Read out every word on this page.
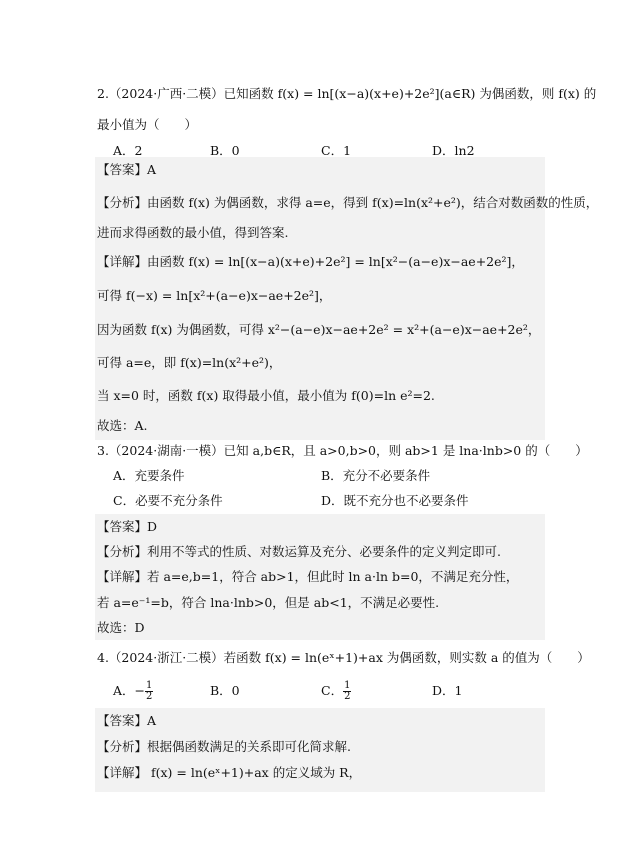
2.（2024·广西·二模）已知函数 f(x) = ln[(x−a)(x+e)+2e²](a∈R) 为偶函数，则 f(x) 的
最小值为（　　）
A．2	B．0	C．1	D．ln2
【答案】A
【分析】由函数 f(x) 为偶函数，求得 a=e，得到 f(x)=ln(x²+e²)，结合对数函数的性质，
进而求得函数的最小值，得到答案.
【详解】由函数 f(x) = ln[(x−a)(x+e)+2e²] = ln[x²−(a−e)x−ae+2e²]，
可得 f(−x) = ln[x²+(a−e)x−ae+2e²]，
因为函数 f(x) 为偶函数，可得 x²−(a−e)x−ae+2e² = x²+(a−e)x−ae+2e²，
可得 a=e，即 f(x)=ln(x²+e²)，
当 x=0 时，函数 f(x) 取得最小值，最小值为 f(0)=ln e²=2.
故选：A.
3.（2024·湖南·一模）已知 a,b∈R，且 a>0,b>0，则 ab>1 是 lna·lnb>0 的（　　）
A．充要条件	B．充分不必要条件
C．必要不充分条件	D．既不充分也不必要条件
【答案】D
【分析】利用不等式的性质、对数运算及充分、必要条件的定义判定即可.
【详解】若 a=e,b=1，符合 ab>1，但此时 ln a·ln b=0，不满足充分性，
若 a=e⁻¹=b，符合 lna·lnb>0，但是 ab<1，不满足必要性.
故选：D
4.（2024·浙江·二模）若函数 f(x) = ln(eˣ+1)+ax 为偶函数，则实数 a 的值为（　　）
A．− $\frac{1}{2}$	B．0	C． $\frac{1}{2}$	D．1
【答案】A
【分析】根据偶函数满足的关系即可化简求解.
【详解】 f(x) = ln(eˣ+1)+ax 的定义域为 R，
